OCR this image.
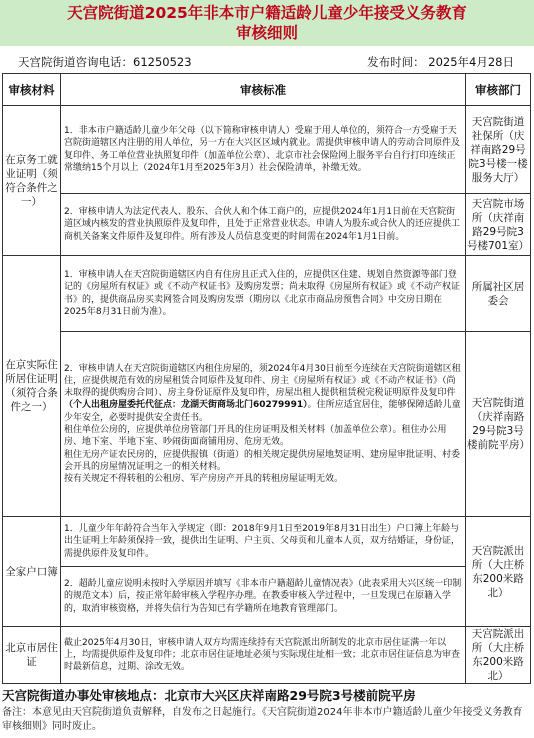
天宫院街道2025年非本市户籍适龄儿童少年接受义务教育
审核细则
天宫院街道咨询电话：61250523	发布时间： 2025年4月28日
审核材料	审核标准	审核部门
在京务工就业证明（须符合条件之一）	1．非本市户籍适龄儿童少年父母（以下简称审核申请人）受雇于用人单位的，须符合一方受雇于天宫院街道辖区内注册的用人单位，另一方在大兴区区域内就业。需提供审核申请人的劳动合同原件及复印件、务工单位营业执照复印件（加盖单位公章）、北京市社会保险网上服务平台自行打印连续正常缴纳15个月以上（2024年1月至2025年3月）社会保险清单，补缴无效。	天宫院街道社保所（庆祥南路29号院3号楼一楼服务大厅）
	2．审核申请人为法定代表人、股东、合伙人和个体工商户的，应提供2024年1月1日前在天宫院街道区域内核发的营业执照原件及复印件，且处于正常营业状态。申请人为股东或合伙人的还应提供工商机关备案文件原件及复印件。所有涉及人员信息变更的时间需在2024年1月1日前。	天宫院市场所（庆祥南路29号院3号楼701室）
在京实际住所居住证明（须符合条件之一）	1．审核申请人在天宫院街道辖区内自有住房且正式入住的，应提供区住建、规划自然资源等部门登记的《房屋所有权证》或《不动产权证书》及购房发票；尚未取得《房屋所有权证》或《不动产权证书》的，提供商品房买卖网签合同及购房发票（期房以《北京市商品房预售合同》中交房日期在2025年8月31日前为准）。	所属社区居委会
	2．审核申请人在天宫院街道辖区内租住房屋的，须2024年4月30日前至今连续在天宫院街道辖区租住，应提供规范有效的房屋租赁合同原件及复印件、房主《房屋所有权证》或《不动产权证书》（尚未取得的提供购房合同）、房主身份证原件及复印件，房屋出租人提供租赁税完税证明原件及复印件（个人出租房屋委托代征点：龙湖天街商场北门60279991）。住所应适宜居住，能够保障适龄儿童少年安全，必要时提供安全责任书。
租住单位公房的，应提供单位房管部门开具的住房证明及相关材料（加盖单位公章）。租住办公用房、地下室、半地下室、吵闹街面商铺用房、危房无效。
租住无房产证农民房的，应提供报镇（街道）的相关规定提供房屋地契证明、建房屋审批证明、村委会开具的房屋情况证明之一的相关材料。
按有关规定不得转租的公租房、军产房房产开具的转租房屋证明无效。	天宫院街道（庆祥南路29号院3号楼前院平房）
全家户口簿	1．儿童少年年龄符合当年入学规定（即：2018年9月1日至2019年8月31日出生）户口簿上年龄与出生证明上年龄须保持一致，提供出生证明、户主页、父母页和儿童本人页，双方结婚证，身份证，需提供原件及复印件。	天宫院派出所（大庄桥东200米路北）
	2．超龄儿童应说明未按时入学原因并填写《非本市户籍超龄儿童情况表》（此表采用大兴区统一印制的规范文本）后，按正常年龄审核入学程序办理。在教委审核入学过程中，一旦发现已在原籍入学的，取消审核资格，并将失信行为告知已有学籍所在地教育管理部门。	
北京市居住证	截止2025年4月30日，审核申请人双方均需连续持有天宫院派出所制发的北京市居住证满一年以上，均需提供原件及复印件；北京市居住证地址必须与实际现住址相一致；北京市居住证信息为审查时最新信息，过期、涂改无效。	天宫院派出所（大庄桥东200米路北）
天宫院街道办事处审核地点：北京市大兴区庆祥南路29号院3号楼前院平房
备注：本意见由天宫院街道负责解释，自发布之日起施行。《天宫院街道2024年非本市户籍适龄儿童少年接受义务教育审核细则》同时废止。
